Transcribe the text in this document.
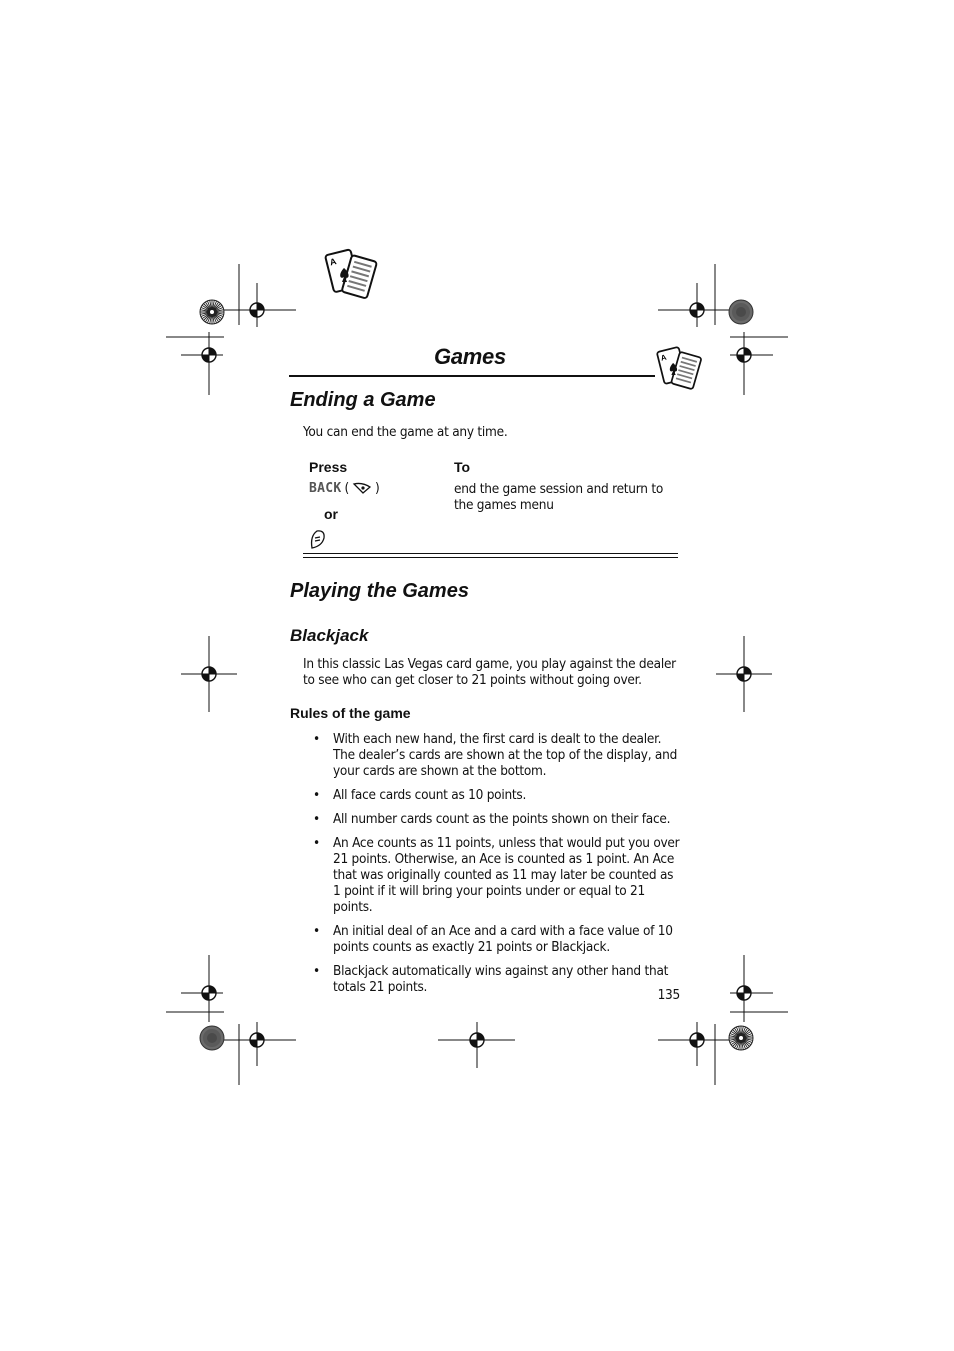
A
A
Games
Ending a Game
You can end the game at any time.
Press	To
BACK ( )	end the game session and return to the games menu
or
Playing the Games
Blackjack
In this classic Las Vegas card game, you play against the dealer to see who can get closer to 21 points without going over.
Rules of the game
• With each new hand, the first card is dealt to the dealer. The dealer’s cards are shown at the top of the display, and your cards are shown at the bottom.
• All face cards count as 10 points.
• All number cards count as the points shown on their face.
• An Ace counts as 11 points, unless that would put you over 21 points. Otherwise, an Ace is counted as 1 point. An Ace that was originally counted as 11 may later be counted as 1 point if it will bring your points under or equal to 21 points.
• An initial deal of an Ace and a card with a face value of 10 points counts as exactly 21 points or Blackjack.
• Blackjack automatically wins against any other hand that totals 21 points.	135
